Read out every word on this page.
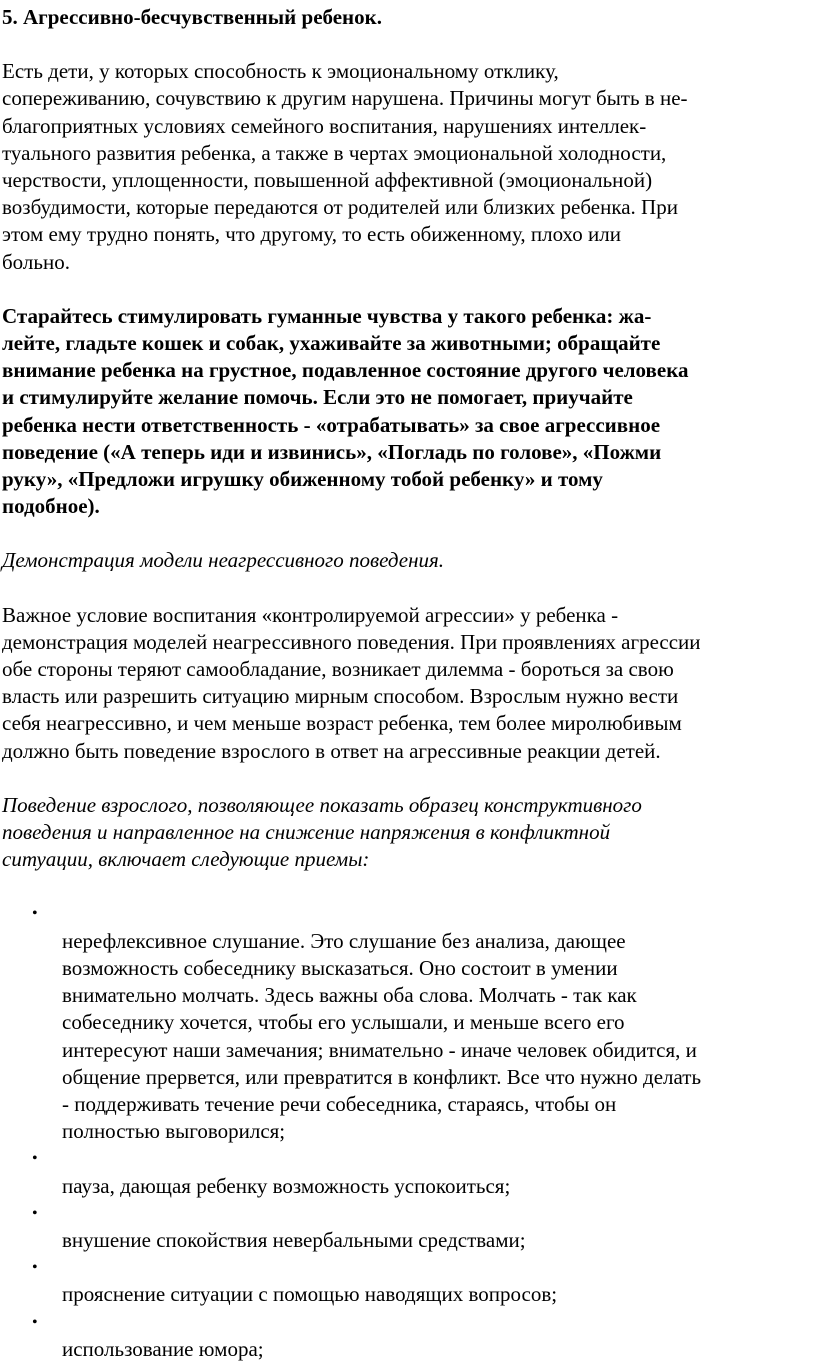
5. Агрессивно-бесчувственный ребенок.

Есть дети, у которых способность к эмоциональному отклику,
сопереживанию, сочувствию к другим нарушена. Причины могут быть в не-
благоприятных условиях семейного воспитания, нарушениях интеллек-
туального развития ребенка, а также в чертах эмоциональной холодности,
черствости, уплощенности, повышенной аффективной (эмоциональной)
возбудимости, которые передаются от родителей или близких ребенка. При
этом ему трудно понять, что другому, то есть обиженному, плохо или
больно.

Старайтесь стимулировать гуманные чувства у такого ребенка: жа-
лейте, гладьте кошек и собак, ухаживайте за животными; обращайте
внимание ребенка на грустное, подавленное состояние другого человека
и стимулируйте желание помочь. Если это не помогает, приучайте
ребенка нести ответственность - «отрабатывать» за свое агрессивное
поведение («А теперь иди и извинись», «Погладь по голове», «Пожми
руку», «Предложи игрушку обиженному тобой ребенку» и тому
подобное).

Демонстрация модели неагрессивного поведения.

Важное условие воспитания «контролируемой агрессии» у ребенка -
демонстрация моделей неагрессивного поведения. При проявлениях агрессии
обе стороны теряют самообладание, возникает дилемма - бороться за свою
власть или разрешить ситуацию мирным способом. Взрослым нужно вести
себя неагрессивно, и чем меньше возраст ребенка, тем более миролюбивым
должно быть поведение взрослого в ответ на агрессивные реакции детей.

Поведение взрослого, позволяющее показать образец конструктивного
поведения и направленное на снижение напряжения в конфликтной
ситуации, включает следующие приемы:

•
нерефлексивное слушание. Это слушание без анализа, дающее
возможность собеседнику высказаться. Оно состоит в умении
внимательно молчать. Здесь важны оба слова. Молчать - так как
собеседнику хочется, чтобы его услышали, и меньше всего его
интересуют наши замечания; внимательно - иначе человек обидится, и
общение прервется, или превратится в конфликт. Все что нужно делать
- поддерживать течение речи собеседника, стараясь, чтобы он
полностью выговорился;

•
пауза, дающая ребенку возможность успокоиться;

•
внушение спокойствия невербальными средствами;

•
прояснение ситуации с помощью наводящих вопросов;

•
использование юмора;
